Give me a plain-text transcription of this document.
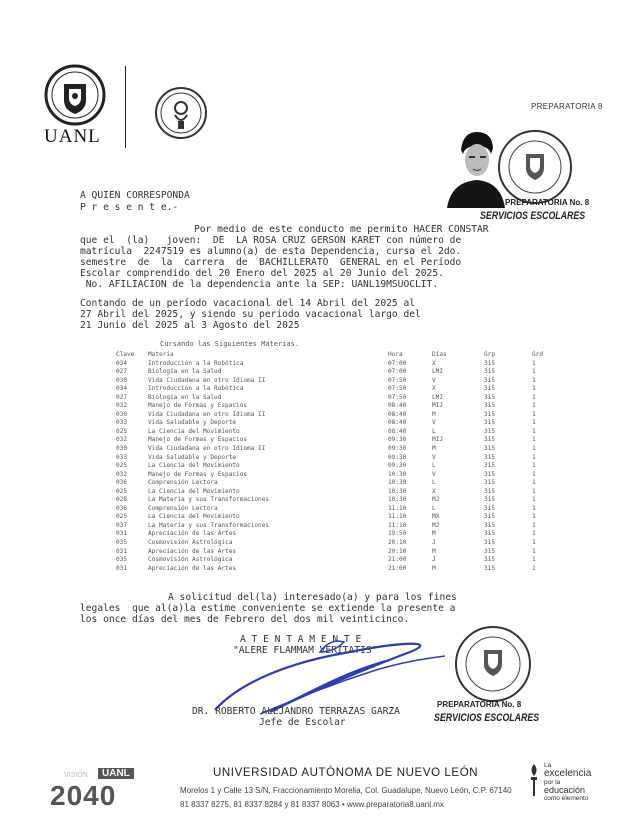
UANL
PREPARATORIA 8
PREPARATORIA No. 8
SERVICIOS ESCOLARES
A QUIEN CORRESPONDA
P r e s e n t e.-
Por medio de este conducto me permito HACER CONSTAR
que el  (la)   joven:  DE  LA ROSA CRUZ GERSON KARET con número de
matrícula  2247519 es alumno(a) de esta Dependencia, cursa el 2do.
semestre  de  la  carrera  de  BACHILLERATO  GENERAL en el Período
Escolar comprendido del 20 Enero del 2025 al 20 Junio del 2025.
No. AFILIACION de la dependencia ante la SEP: UANL19MSUOCLIT.
Contando de un período vacacional del 14 Abril del 2025 al
27 Abril del 2025, y siendo su periodo vacacional largo del
21 Junio del 2025 al 3 Agosto del 2025
Cursando las Siguientes Materias.
Clave	Materia	Hora	Días	Grp	Grd
034	Introducción a la Robótica	07:00	X	315	1
027	Biología en la Salud	07:00	LMI	315	1
030	Vida Ciudadana en otro Idioma II	07:50	V	315	1
034	Introducción a la Robótica	07:50	X	315	1
027	Biología en la Salud	07:50	LMI	315	1
032	Manejo de Formas y Espacios	08:40	MIJ	315	1
030	Vida Ciudadana en otro Idioma II	08:40	M	315	1
033	Vida Saludable y Deporte	08:40	V	315	1
025	La Ciencia del Movimiento	08:40	L	315	1
032	Manejo de Formas y Espacios	09:30	MIJ	315	1
030	Vida Ciudadana en otro Idioma II	09:30	M	315	1
033	Vida Saludable y Deporte	09:30	V	315	1
025	La Ciencia del Movimiento	09:30	L	315	1
032	Manejo de Formas y Espacios	10:30	V	315	1
036	Comprensión Lectora	10:30	L	315	1
025	La Ciencia del Movimiento	10:30	X	315	1
028	La Materia y sus Transformaciones	10:30	MJ	315	1
036	Comprensión Lectora	11:10	L	315	1
025	La Ciencia del Movimiento	11:10	MX	315	1
037	La Materia y sus Transformaciones	11:10	MJ	315	1
031	Apreciación de las Artes	19:50	M	315	1
035	Cosmovisión Astrológica	20:10	J	315	1
031	Apreciación de las Artes	20:10	M	315	1
035	Cosmovisión Astrológica	21:00	J	315	1
031	Apreciación de las Artes	21:00	M	315	1
A solicitud del(la) interesado(a) y para los fines
legales  que al(a)la estime conveniente se extiende la presente a
los once días del mes de Febrero del dos mil veinticinco.
A T E N T A M E N T E
"ALERE FLAMMAM VERITATIS"
DR. ROBERTO ALEJANDRO TERRAZAS GARZA
Jefe de Escolar
PREPARATORIA No. 8
SERVICIOS ESCOLARES
VISIÓN	UANL
2040
UNIVERSIDAD AUTÓNOMA DE NUEVO LEÓN
Morelos 1 y Calle 13 S/N, Fraccionamiento Morelia, Col. Guadalupe, Nuevo León, C.P. 67140
81 8337 8275, 81 8337 8284 y 81 8337 8063 • www.preparatoria8.uanl.mx
La
excelencia
por la
educación
como elemento
